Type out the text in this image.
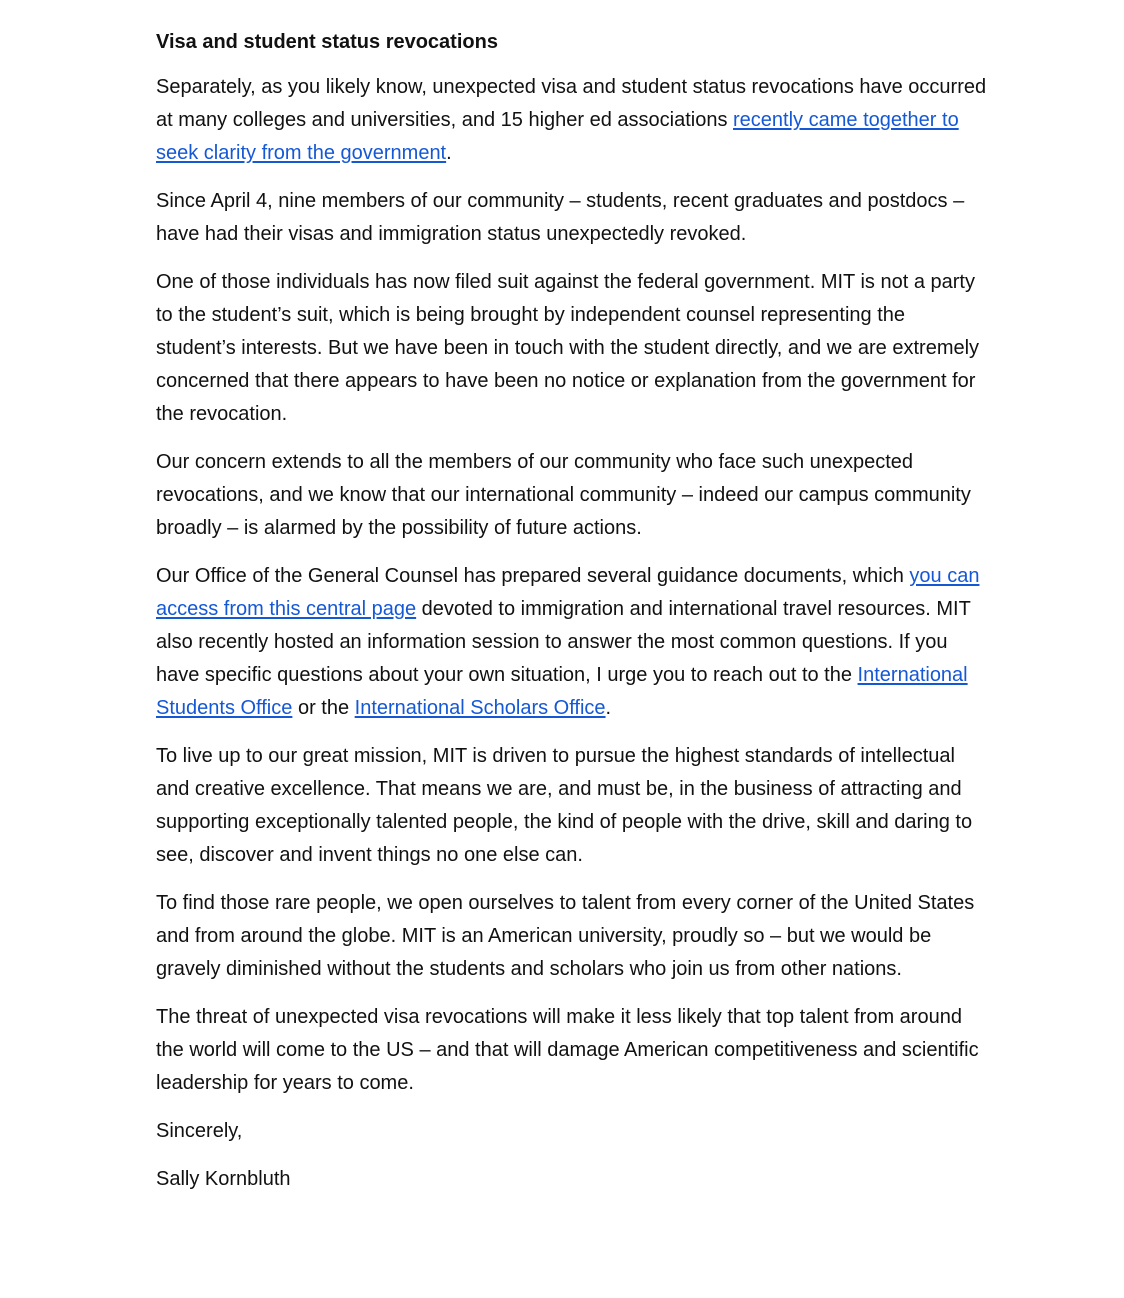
Visa and student status revocations

Separately, as you likely know, unexpected visa and student status revocations have occurred at many colleges and universities, and 15 higher ed associations recently came together to seek clarity from the government.

Since April 4, nine members of our community – students, recent graduates and postdocs – have had their visas and immigration status unexpectedly revoked.

One of those individuals has now filed suit against the federal government. MIT is not a party to the student’s suit, which is being brought by independent counsel representing the student’s interests. But we have been in touch with the student directly, and we are extremely concerned that there appears to have been no notice or explanation from the government for the revocation.

Our concern extends to all the members of our community who face such unexpected revocations, and we know that our international community – indeed our campus community broadly – is alarmed by the possibility of future actions.

Our Office of the General Counsel has prepared several guidance documents, which you can access from this central page devoted to immigration and international travel resources. MIT also recently hosted an information session to answer the most common questions. If you have specific questions about your own situation, I urge you to reach out to the International Students Office or the International Scholars Office.

To live up to our great mission, MIT is driven to pursue the highest standards of intellectual and creative excellence. That means we are, and must be, in the business of attracting and supporting exceptionally talented people, the kind of people with the drive, skill and daring to see, discover and invent things no one else can.

To find those rare people, we open ourselves to talent from every corner of the United States and from around the globe. MIT is an American university, proudly so – but we would be gravely diminished without the students and scholars who join us from other nations.

The threat of unexpected visa revocations will make it less likely that top talent from around the world will come to the US – and that will damage American competitiveness and scientific leadership for years to come.

Sincerely,

Sally Kornbluth
